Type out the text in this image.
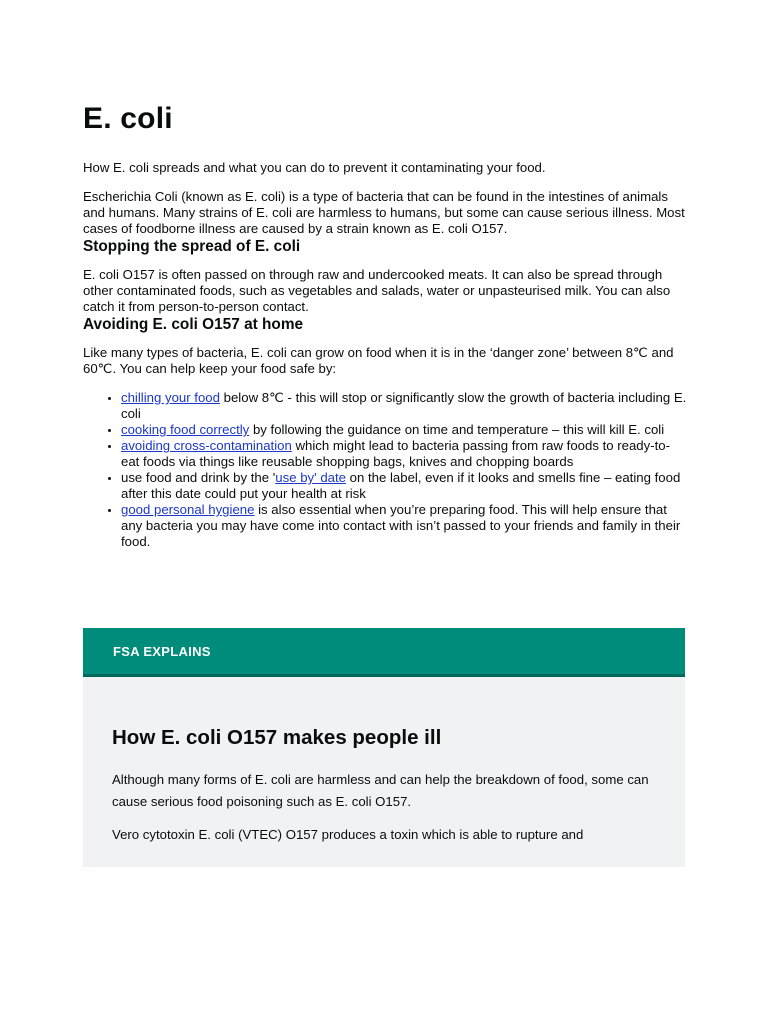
E. coli

How E. coli spreads and what you can do to prevent it contaminating your food.

Escherichia Coli (known as E. coli) is a type of bacteria that can be found in the intestines of animals and humans. Many strains of E. coli are harmless to humans, but some can cause serious illness. Most cases of foodborne illness are caused by a strain known as E. coli O157.

Stopping the spread of E. coli

E. coli O157 is often passed on through raw and undercooked meats. It can also be spread through other contaminated foods, such as vegetables and salads, water or unpasteurised milk. You can also catch it from person-to-person contact.

Avoiding E. coli O157 at home

Like many types of bacteria, E. coli can grow on food when it is in the ‘danger zone’ between 8℃ and 60℃. You can help keep your food safe by:

• chilling your food below 8℃ - this will stop or significantly slow the growth of bacteria including E. coli
• cooking food correctly by following the guidance on time and temperature – this will kill E. coli
• avoiding cross-contamination which might lead to bacteria passing from raw foods to ready-to-eat foods via things like reusable shopping bags, knives and chopping boards
• use food and drink by the 'use by' date on the label, even if it looks and smells fine – eating food after this date could put your health at risk
• good personal hygiene is also essential when you’re preparing food. This will help ensure that any bacteria you may have come into contact with isn’t passed to your friends and family in their food.
FSA EXPLAINS
How E. coli O157 makes people ill

Although many forms of E. coli are harmless and can help the breakdown of food, some can cause serious food poisoning such as E. coli O157.

Vero cytotoxin E. coli (VTEC) O157 produces a toxin which is able to rupture and
